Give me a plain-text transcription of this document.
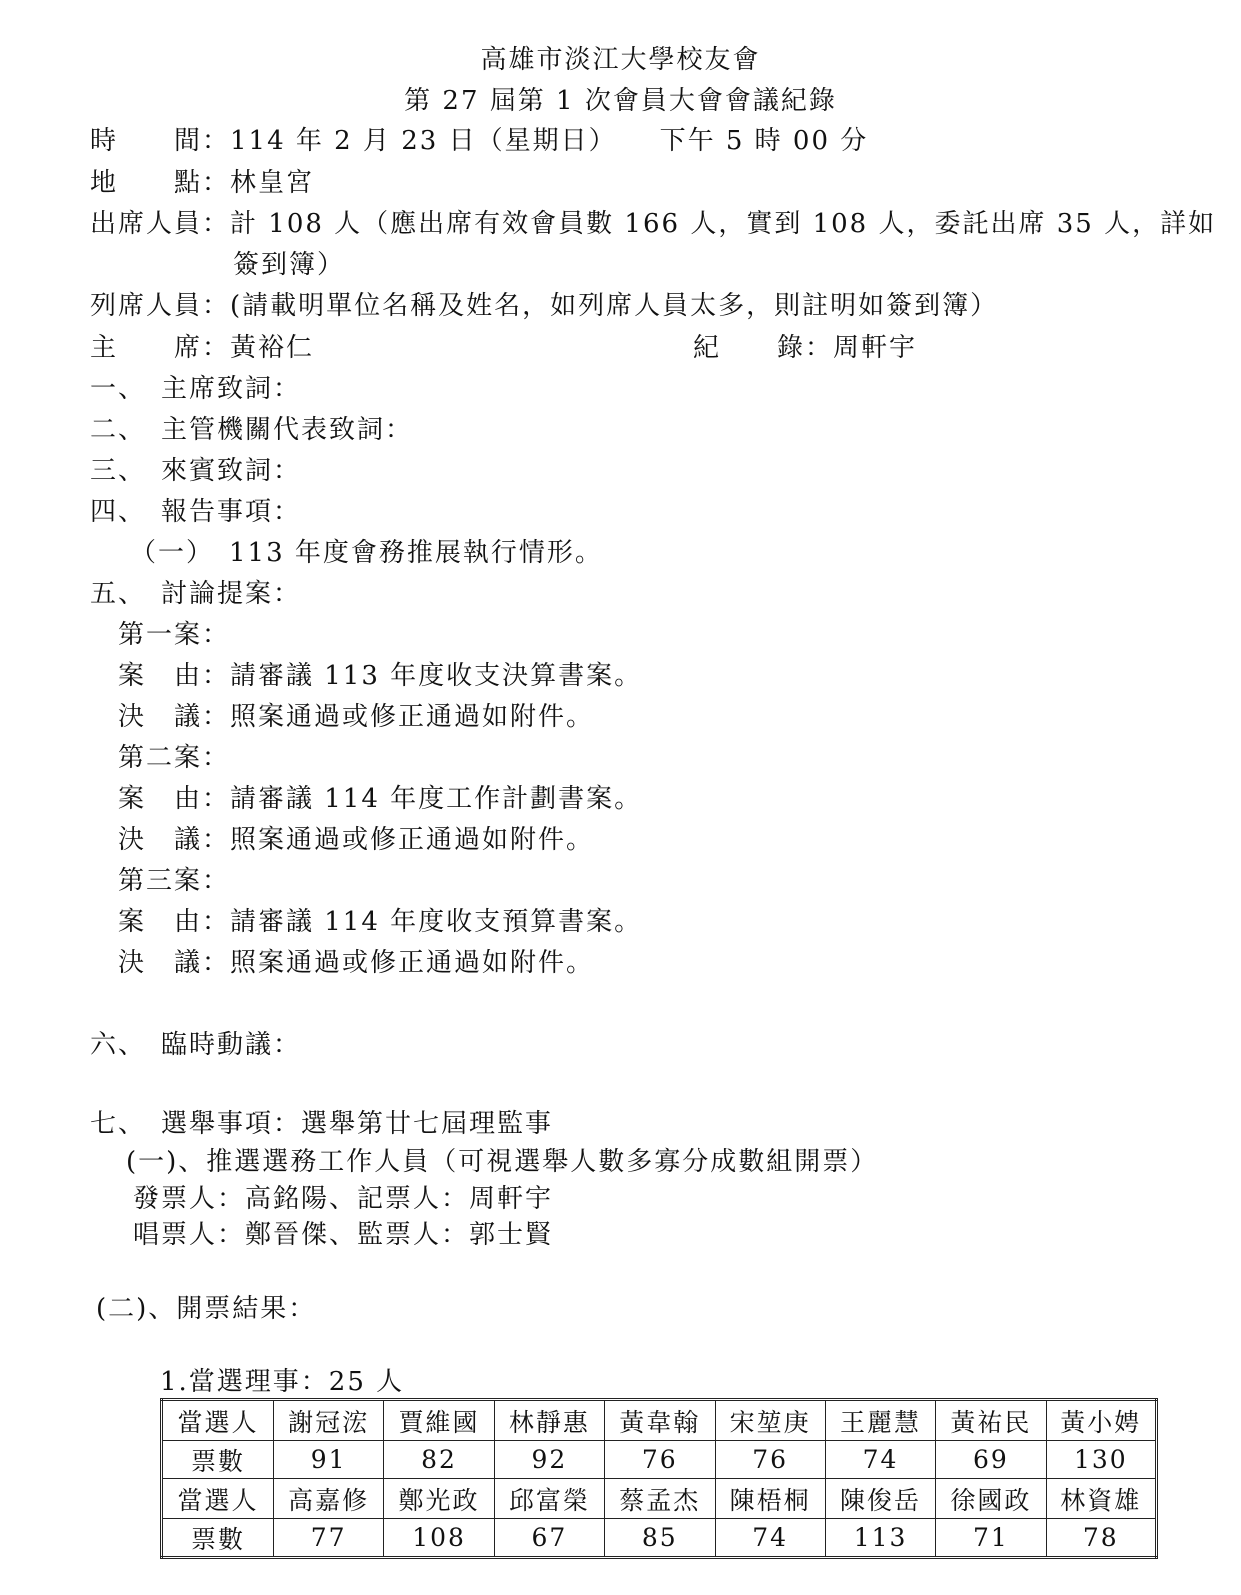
高雄市淡江大學校友會
第 27 屆第 1 次會員大會會議紀錄
時　　間：114 年 2 月 23 日（星期日）　　下午 5 時 00 分
地　　點：林皇宮
出席人員：計 108 人（應出席有效會員數 166 人，實到 108 人，委託出席 35 人，詳如
簽到簿）
列席人員：(請載明單位名稱及姓名，如列席人員太多，則註明如簽到簿）
主　　席：黃裕仁	紀　　錄：周軒宇
一、　主席致詞：
二、　主管機關代表致詞：
三、　來賓致詞：
四、　報告事項：
（一）　113 年度會務推展執行情形。
五、　討論提案：
第一案：
案　由：請審議 113 年度收支決算書案。
決　議：照案通過或修正通過如附件。
第二案：
案　由：請審議 114 年度工作計劃書案。
決　議：照案通過或修正通過如附件。
第三案：
案　由：請審議 114 年度收支預算書案。
決　議：照案通過或修正通過如附件。
六、　臨時動議：
七、　選舉事項：選舉第廿七屆理監事
(一)、推選選務工作人員（可視選舉人數多寡分成數組開票）
發票人：高銘陽、記票人：周軒宇
唱票人：鄭晉傑、監票人：郭士賢
(二)、開票結果：
1.當選理事：25 人
當選人	謝冠浤	賈維國	林靜惠	黃韋翰	宋堃庚	王麗慧	黃祐民	黃小娉
票數	91	82	92	76	76	74	69	130
當選人	高嘉修	鄭光政	邱富榮	蔡孟杰	陳梧桐	陳俊岳	徐國政	林資雄
票數	77	108	67	85	74	113	71	78
